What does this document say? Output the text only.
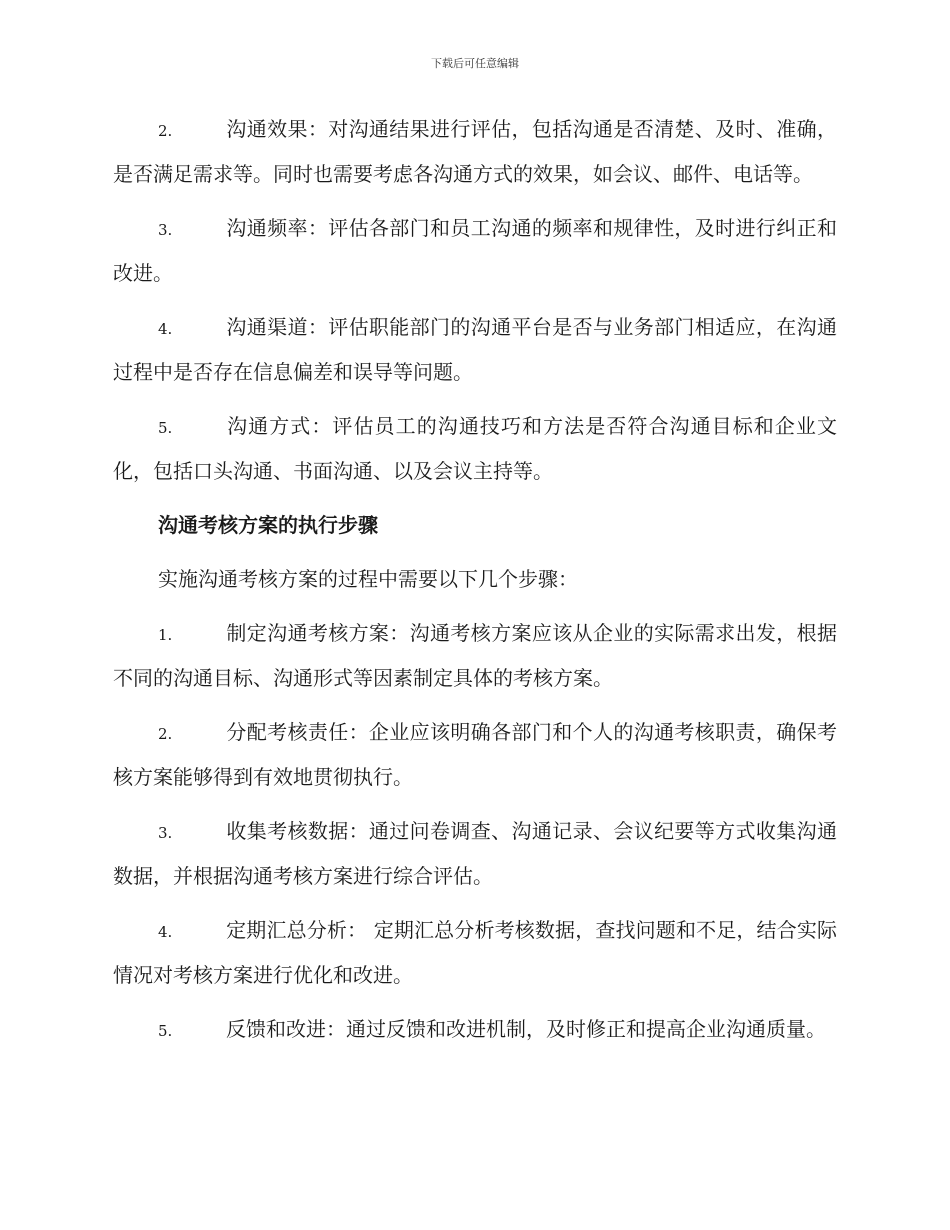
下载后可任意编辑
2.	沟通效果：对沟通结果进行评估，包括沟通是否清楚、及时、准确，是否满足需求等。同时也需要考虑各沟通方式的效果，如会议、邮件、电话等。
3.	沟通频率：评估各部门和员工沟通的频率和规律性，及时进行纠正和改进。
4.	沟通渠道：评估职能部门的沟通平台是否与业务部门相适应，在沟通过程中是否存在信息偏差和误导等问题。
5.	沟通方式：评估员工的沟通技巧和方法是否符合沟通目标和企业文化，包括口头沟通、书面沟通、以及会议主持等。
沟通考核方案的执行步骤
实施沟通考核方案的过程中需要以下几个步骤：
1.	制定沟通考核方案：沟通考核方案应该从企业的实际需求出发，根据不同的沟通目标、沟通形式等因素制定具体的考核方案。
2.	分配考核责任：企业应该明确各部门和个人的沟通考核职责，确保考核方案能够得到有效地贯彻执行。
3.	收集考核数据：通过问卷调查、沟通记录、会议纪要等方式收集沟通数据，并根据沟通考核方案进行综合评估。
4.	定期汇总分析： 定期汇总分析考核数据，查找问题和不足，结合实际情况对考核方案进行优化和改进。
5.	反馈和改进：通过反馈和改进机制，及时修正和提高企业沟通质量。
